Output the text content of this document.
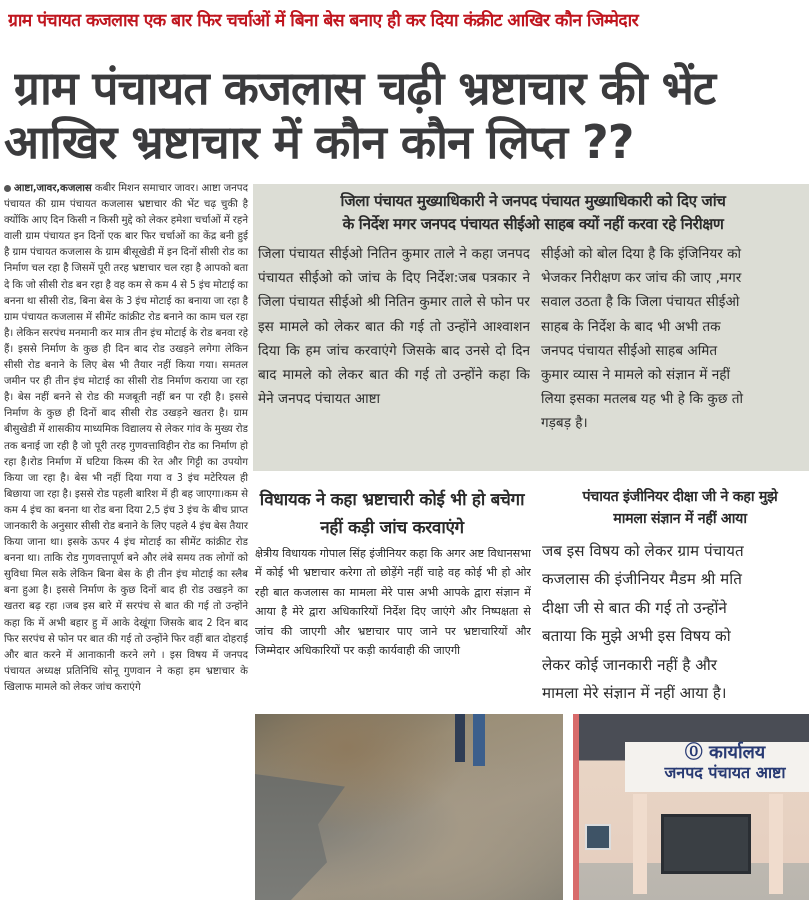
ग्राम पंचायत कजलास एक बार फिर चर्चाओं में बिना बेस बनाए ही कर दिया कंक्रीट आखिर कौन जिम्मेदार
ग्राम पंचायत कजलास चढ़ी भ्रष्टाचार की भेंट
आखिर भ्रष्टाचार में कौन कौन लिप्त ??
आष्टा,जावर,कजलास कबीर मिशन समाचार जावर। आष्टा जनपद पंचायत की ग्राम पंचायत कजलास भ्रष्टाचार की भेंट चढ़ चुकी है क्योंकि आए दिन किसी न किसी मुद्दे को लेकर हमेशा चर्चाओं में रहने वाली ग्राम पंचायत इन दिनों एक बार फिर चर्चाओं का केंद्र बनी हुई है ग्राम पंचायत कजलास के ग्राम बीसूखेडी में इन दिनों सीसी रोड का निर्माण चल रहा है जिसमें पूरी तरह भ्रष्टाचार चल रहा है आपको बता दे कि जो सीसी रोड बन रहा है वह कम से कम 4 से 5 इंच मोटाई का बनना था सीसी रोड, बिना बेस के 3 इंच मोटाई का बनाया जा रहा है ग्राम पंचायत कजलास में सीमेंट कांक्रीट रोड बनाने का काम चल रहा है। लेकिन सरपंच मनमानी कर मात्र तीन इंच मोटाई के रोड बनवा रहे हैं। इससे निर्माण के कुछ ही दिन बाद रोड उखड़ने लगेगा लेकिन सीसी रोड बनाने के लिए बेस भी तैयार नहीं किया गया। समतल जमीन पर ही तीन इंच मोटाई का सीसी रोड निर्माण कराया जा रहा है। बेस नहीं बनने से रोड की मजबूती नहीं बन पा रही है। इससे निर्माण के कुछ ही दिनों बाद सीसी रोड उखड़ने खतरा है। ग्राम बीसुखेडी में शासकीय माध्यमिक विद्यालय से लेकर गांव के मुख्य रोड तक बनाई जा रही है जो पूरी तरह गुणवत्ताविहीन रोड का निर्माण हो रहा है।रोड निर्माण में घटिया किस्म की रेत और गिट्टी का उपयोग किया जा रहा है। बेस भी नहीं दिया गया व 3 इंच मटेरियल ही बिछाया जा रहा है। इससे रोड पहली बारिश में ही बह जाएगा।कम से कम 4 इंच का बनना था रोड बना दिया 2,5 इंच 3 इंच के बीच प्राप्त जानकारी के अनुसार सीसी रोड बनाने के लिए पहले 4 इंच बेस तैयार किया जाना था। इसके ऊपर 4 इंच मोटाई का सीमेंट कांक्रीट रोड बनना था। ताकि रोड गुणवत्तापूर्ण बने और लंबे समय तक लोगों को सुविधा मिल सके लेकिन बिना बेस के ही तीन इंच मोटाई का स्लैब बना हुआ है। इससे निर्माण के कुछ दिनों बाद ही रोड उखड़ने का खतरा बढ़ रहा ।जब इस बारे में सरपंच से बात की गई तो उन्होंने कहा कि में अभी बहार हु में आके देखूंगा जिसके बाद 2 दिन बाद फिर सरपंच से फोन पर बात की गई तो उन्होंने फिर वहीं बात दोहराई और बात करने में आनाकानी करने लगे । इस विषय में जनपद पंचायत अध्यक्ष प्रतिनिधि सोनू गुणवान ने कहा हम भ्रष्टाचार के खिलाफ मामले को लेकर जांच कराएंगे
जिला पंचायत मुख्याधिकारी ने जनपद पंचायत मुख्याधिकारी को दिए जांच
के निर्देश मगर जनपद पंचायत सीईओ साहब क्यों नहीं करवा रहे निरीक्षण
जिला पंचायत सीईओ नितिन कुमार ताले ने कहा जनपद पंचायत सीईओ को जांच के दिए निर्देश:जब पत्रकार ने जिला पंचायत सीईओ श्री नितिन कुमार ताले से फोन पर इस मामले को लेकर बात की गई तो उन्होंने आश्वाशन दिया कि हम जांच करवाएंगे जिसके बाद उनसे दो दिन बाद मामले को लेकर बात की गई तो उन्होंने कहा कि मेने जनपद पंचायत आष्टा
सीईओ को बोल दिया है कि इंजिनियर को
भेजकर निरीक्षण कर जांच की जाए ,मगर
सवाल उठता है कि जिला पंचायत सीईओ
साहब के निर्देश के बाद भी अभी तक
जनपद पंचायत सीईओ साहब अमित
कुमार व्यास ने मामले को संज्ञान में नहीं
लिया इसका मतलब यह भी हे कि कुछ तो
गड़बड़ है।
विधायक ने कहा भ्रष्टाचारी कोई भी हो बचेगा नहीं कड़ी जांच करवाएंगे
क्षेत्रीय विधायक गोपाल सिंह इंजीनियर कहा कि अगर अष्ट विधानसभा में कोई भी भ्रष्टाचार करेगा तो छोड़ेंगे नहीं चाहे वह कोई भी हो ओर रही बात कजलास का मामला मेरे पास अभी आपके द्वारा संज्ञान में आया है मेरे द्वारा अधिकारियों निर्देश दिए जाएंगे और निष्पक्षता से जांच की जाएगी और भ्रष्टाचार पाए जाने पर भ्रष्टाचारियों और जिम्मेदार अधिकारियों पर कड़ी कार्यवाही की जाएगी
पंचायत इंजीनियर दीक्षा जी ने कहा मुझे
मामला संज्ञान में नहीं आया
जब इस विषय को लेकर ग्राम पंचायत
कजलास की इंजीनियर मैडम श्री मति
दीक्षा जी से बात की गई तो उन्होंने
बताया कि मुझे अभी इस विषय को
लेकर कोई जानकारी नहीं है और
मामला मेरे संज्ञान में नहीं आया है।
⓪ कार्यालय
जनपद पंचायत आष्टा
